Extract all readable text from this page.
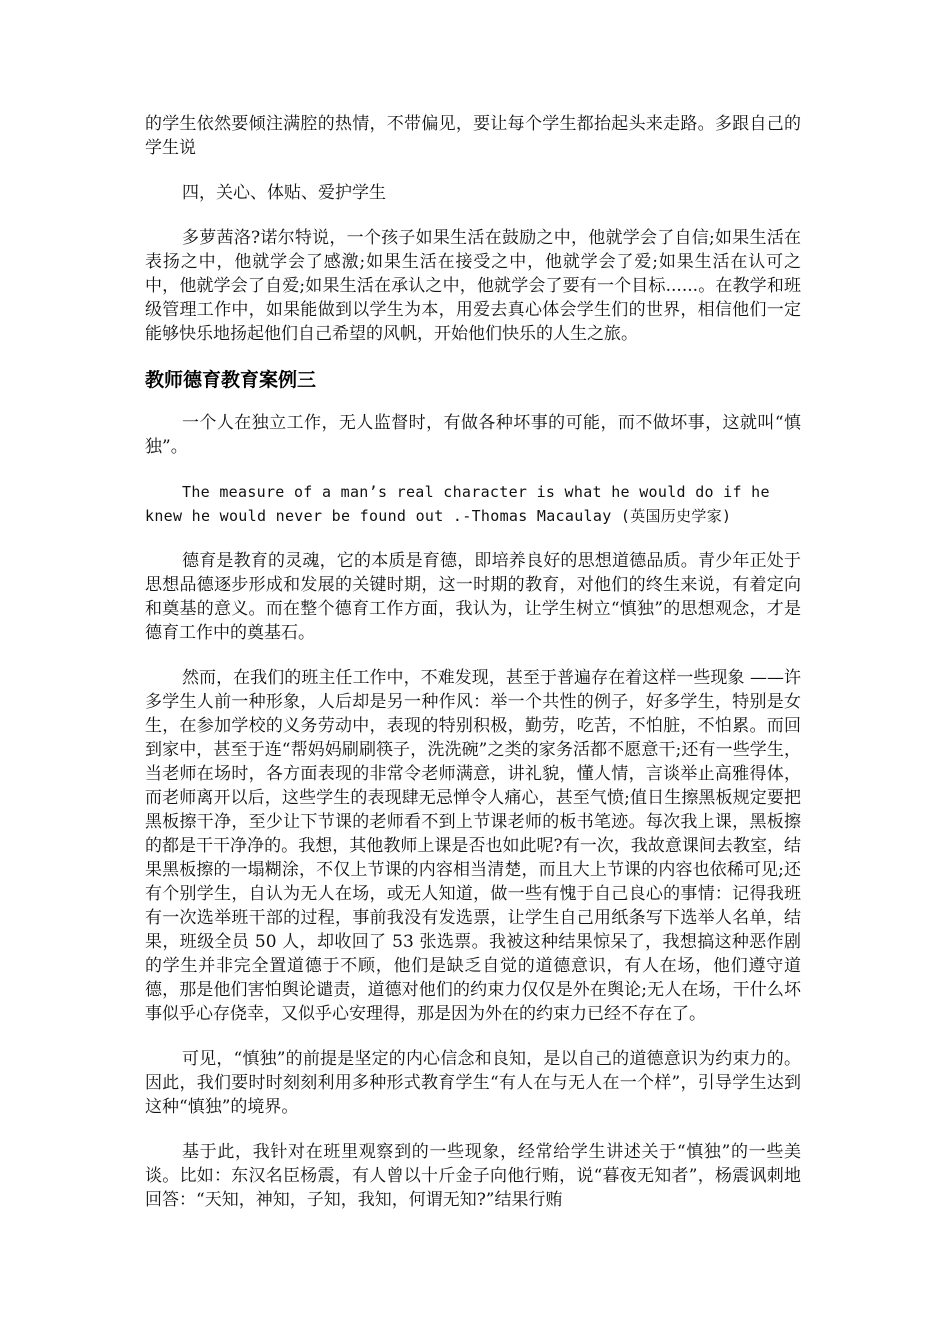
的学生依然要倾注满腔的热情，不带偏见，要让每个学生都抬起头来走路。多跟自己的学生说

四，关心、体贴、爱护学生

多萝茜洛?诺尔特说，一个孩子如果生活在鼓励之中，他就学会了自信;如果生活在表扬之中，他就学会了感激;如果生活在接受之中，他就学会了爱;如果生活在认可之中，他就学会了自爱;如果生活在承认之中，他就学会了要有一个目标......。在教学和班级管理工作中，如果能做到以学生为本，用爱去真心体会学生们的世界，相信他们一定能够快乐地扬起他们自己希望的风帆，开始他们快乐的人生之旅。

教师德育教育案例三

一个人在独立工作，无人监督时，有做各种坏事的可能，而不做坏事，这就叫“慎独”。

The measure of a man’s real character is what he would do if he knew he would never be found out .-Thomas Macaulay (英国历史学家)

德育是教育的灵魂，它的本质是育德，即培养良好的思想道德品质。青少年正处于思想品德逐步形成和发展的关键时期，这一时期的教育，对他们的终生来说，有着定向和奠基的意义。而在整个德育工作方面，我认为，让学生树立“慎独”的思想观念，才是德育工作中的奠基石。

然而，在我们的班主任工作中，不难发现，甚至于普遍存在着这样一些现象 ——许多学生人前一种形象，人后却是另一种作风：举一个共性的例子，好多学生，特别是女生，在参加学校的义务劳动中，表现的特别积极，勤劳，吃苦，不怕脏，不怕累。而回到家中，甚至于连“帮妈妈刷刷筷子，洗洗碗”之类的家务活都不愿意干;还有一些学生，当老师在场时，各方面表现的非常令老师满意，讲礼貌，懂人情，言谈举止高雅得体，而老师离开以后，这些学生的表现肆无忌惮令人痛心，甚至气愤;值日生擦黑板规定要把黑板擦干净，至少让下节课的老师看不到上节课老师的板书笔迹。每次我上课，黑板擦的都是干干净净的。我想，其他教师上课是否也如此呢?有一次，我故意课间去教室，结果黑板擦的一塌糊涂，不仅上节课的内容相当清楚，而且大上节课的内容也依稀可见;还有个别学生，自认为无人在场，或无人知道，做一些有愧于自己良心的事情：记得我班有一次选举班干部的过程，事前我没有发选票，让学生自己用纸条写下选举人名单，结果，班级全员 50 人，却收回了 53 张选票。我被这种结果惊呆了，我想搞这种恶作剧的学生并非完全置道德于不顾，他们是缺乏自觉的道德意识，有人在场，他们遵守道德，那是他们害怕舆论谴责，道德对他们的约束力仅仅是外在舆论;无人在场，干什么坏事似乎心存侥幸，又似乎心安理得，那是因为外在的约束力已经不存在了。

可见，“慎独”的前提是坚定的内心信念和良知，是以自己的道德意识为约束力的。因此，我们要时时刻刻利用多种形式教育学生“有人在与无人在一个样”，引导学生达到这种“慎独”的境界。

基于此，我针对在班里观察到的一些现象，经常给学生讲述关于“慎独”的一些美谈。比如：东汉名臣杨震，有人曾以十斤金子向他行贿，说“暮夜无知者”，杨震讽刺地回答：“天知，神知，子知，我知，何谓无知?”结果行贿
